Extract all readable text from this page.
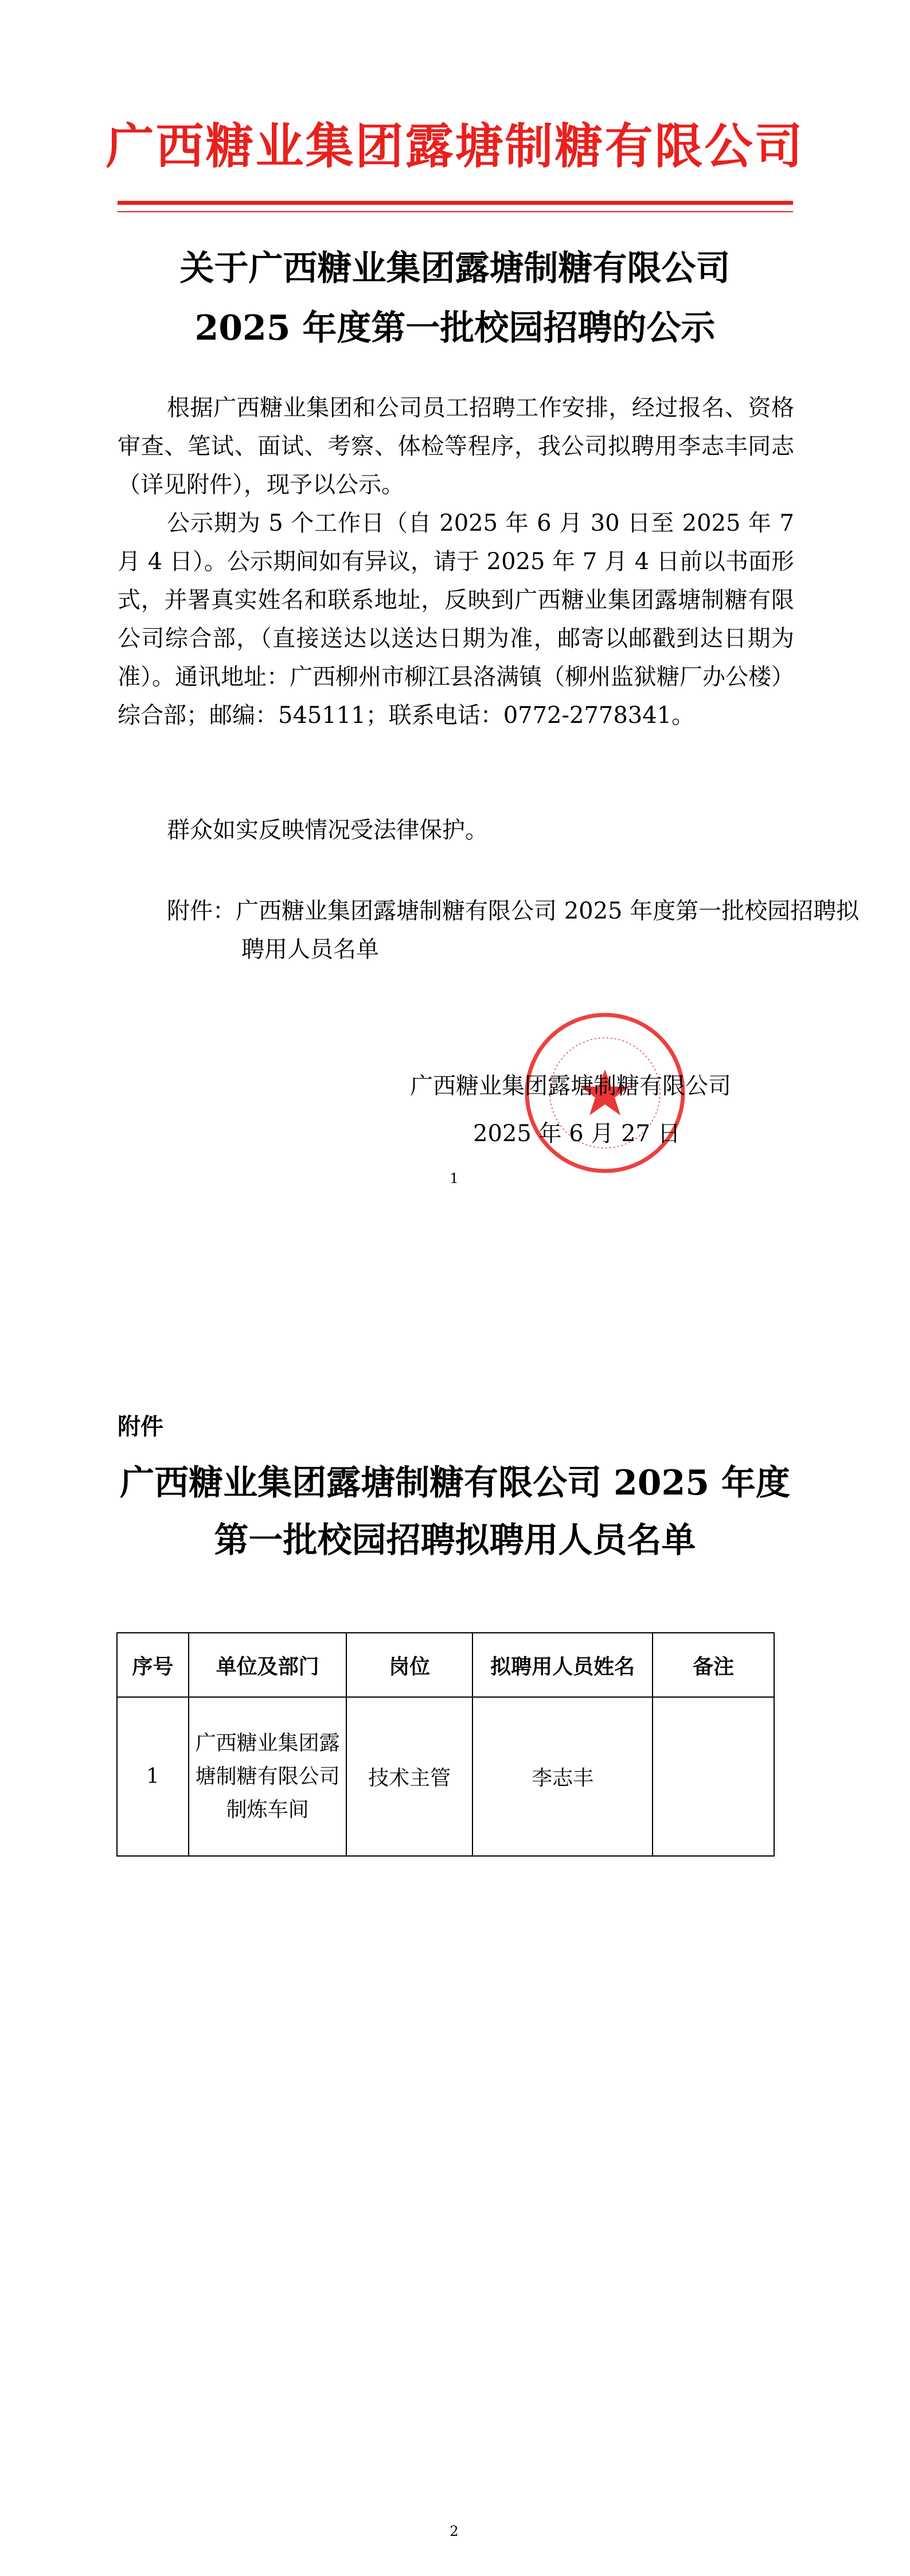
广西糖业集团露塘制糖有限公司
关于广西糖业集团露塘制糖有限公司
2025 年度第一批校园招聘的公示
根据广西糖业集团和公司员工招聘工作安排，经过报名、资格审查、笔试、面试、考察、体检等程序，我公司拟聘用李志丰同志（详见附件），现予以公示。
公示期为 5 个工作日（自 2025 年 6 月 30 日至 2025 年 7 月 4 日）。公示期间如有异议，请于 2025 年 7 月 4 日前以书面形式，并署真实姓名和联系地址，反映到广西糖业集团露塘制糖有限公司综合部，（直接送达以送达日期为准，邮寄以邮戳到达日期为准）。通讯地址：广西柳州市柳江县洛满镇（柳州监狱糖厂办公楼）综合部；邮编：545111；联系电话：0772-2778341。
群众如实反映情况受法律保护。
附件：广西糖业集团露塘制糖有限公司 2025 年度第一批校园招聘拟聘用人员名单
广西糖业集团露塘制糖有限公司
2025 年 6 月 27 日
1
附件
广西糖业集团露塘制糖有限公司 2025 年度
第一批校园招聘拟聘用人员名单
序号	单位及部门	岗位	拟聘用人员姓名	备注
1	广西糖业集团露塘制糖有限公司制炼车间	技术主管	李志丰	
2
